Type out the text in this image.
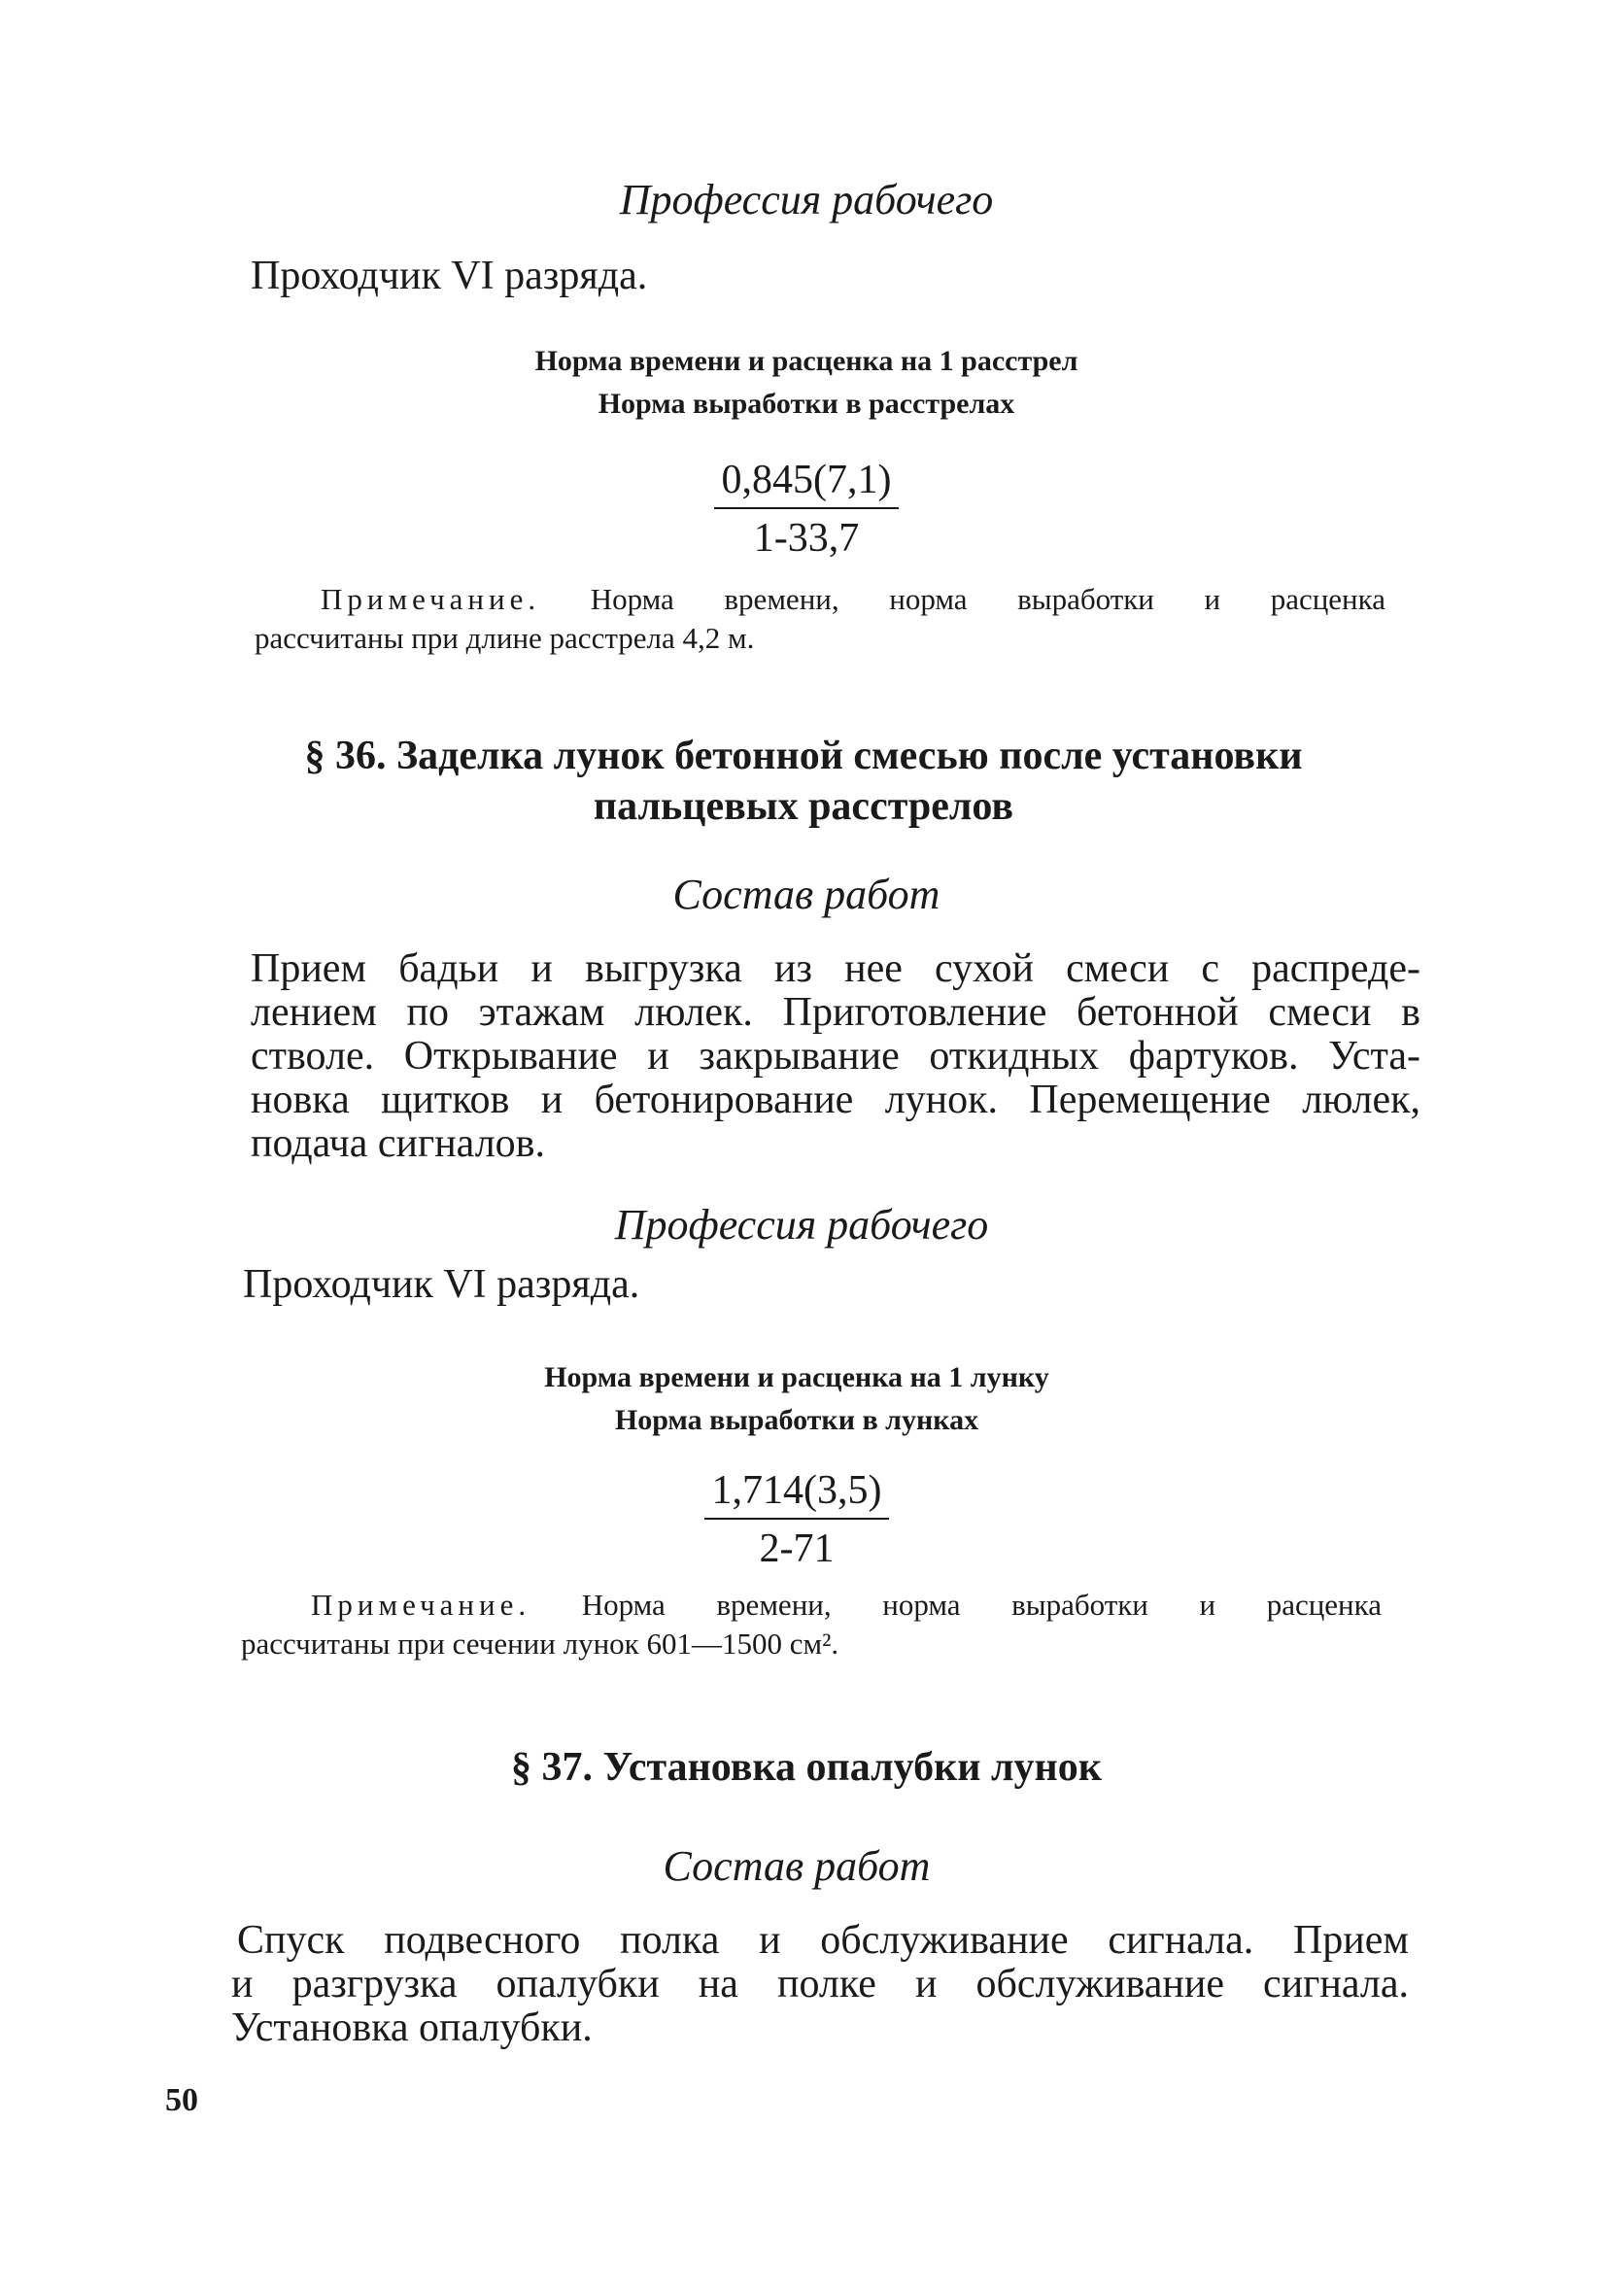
Профессия рабочего
Проходчик VI разряда.
Норма времени и расценка на 1 расстрел
Норма выработки в расстрелах
$\frac{0,845(7,1)}{1-33,7}$
Примечание. Норма времени, норма выработки и расценка
рассчитаны при длине расстрела 4,2 м.
§ 36. Заделка лунок бетонной смесью после установки
пальцевых расстрелов
Состав работ
Прием бадьи и выгрузка из нее сухой смеси с распреде-
лением по этажам люлек. Приготовление бетонной смеси в
стволе. Открывание и закрывание откидных фартуков. Уста-
новка щитков и бетонирование лунок. Перемещение люлек,
подача сигналов.
Профессия рабочего
Проходчик VI разряда.
Норма времени и расценка на 1 лунку
Норма выработки в лунках
$\frac{1,714(3,5)}{2-71}$
Примечание. Норма времени, норма выработки и расценка
рассчитаны при сечении лунок 601—1500 см².
§ 37. Установка опалубки лунок
Состав работ
Спуск подвесного полка и обслуживание сигнала. Прием
и разгрузка опалубки на полке и обслуживание сигнала.
Установка опалубки.
50
